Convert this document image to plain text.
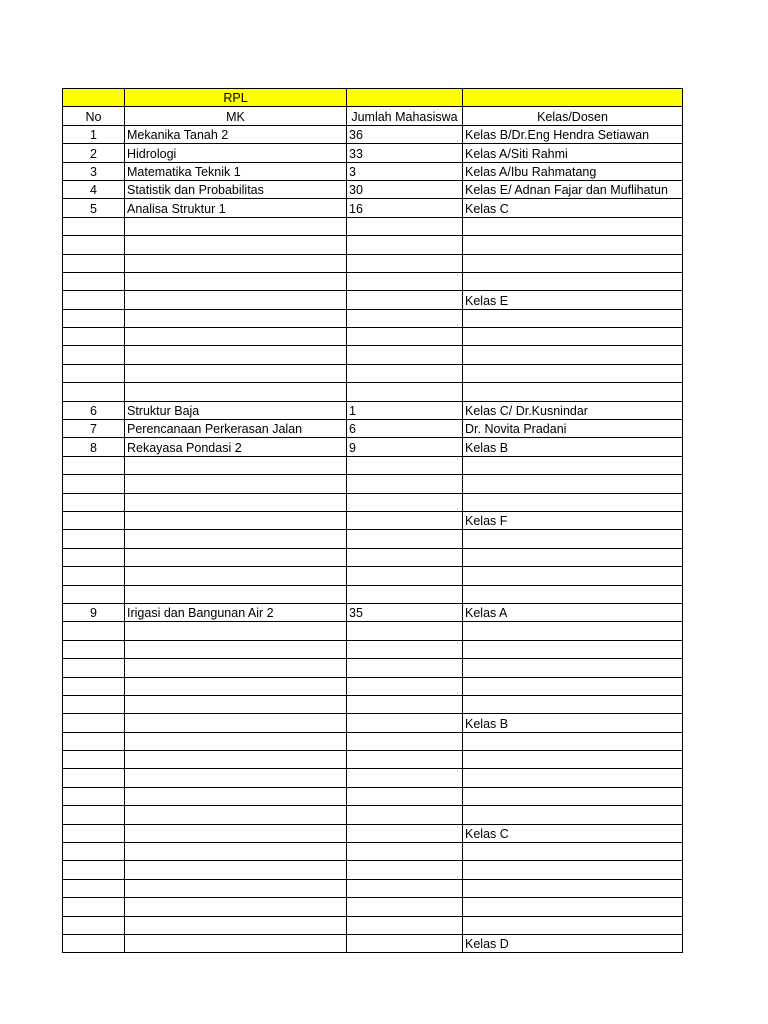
	RPL		
No	MK	Jumlah Mahasiswa	Kelas/Dosen
1	Mekanika Tanah 2	36	Kelas B/Dr.Eng Hendra Setiawan
2	Hidrologi	33	Kelas A/Siti Rahmi
3	Matematika Teknik 1	3	Kelas A/Ibu Rahmatang
4	Statistik dan Probabilitas	30	Kelas E/ Adnan Fajar dan Muflihatun
5	Analisa Struktur 1	16	Kelas C

			Kelas E

6	Struktur Baja	1	Kelas C/ Dr.Kusnindar
7	Perencanaan Perkerasan Jalan	6	Dr. Novita Pradani
8	Rekayasa Pondasi 2	9	Kelas B

			Kelas F

9	Irigasi dan Bangunan Air 2	35	Kelas A

			Kelas B

			Kelas C

			Kelas D
